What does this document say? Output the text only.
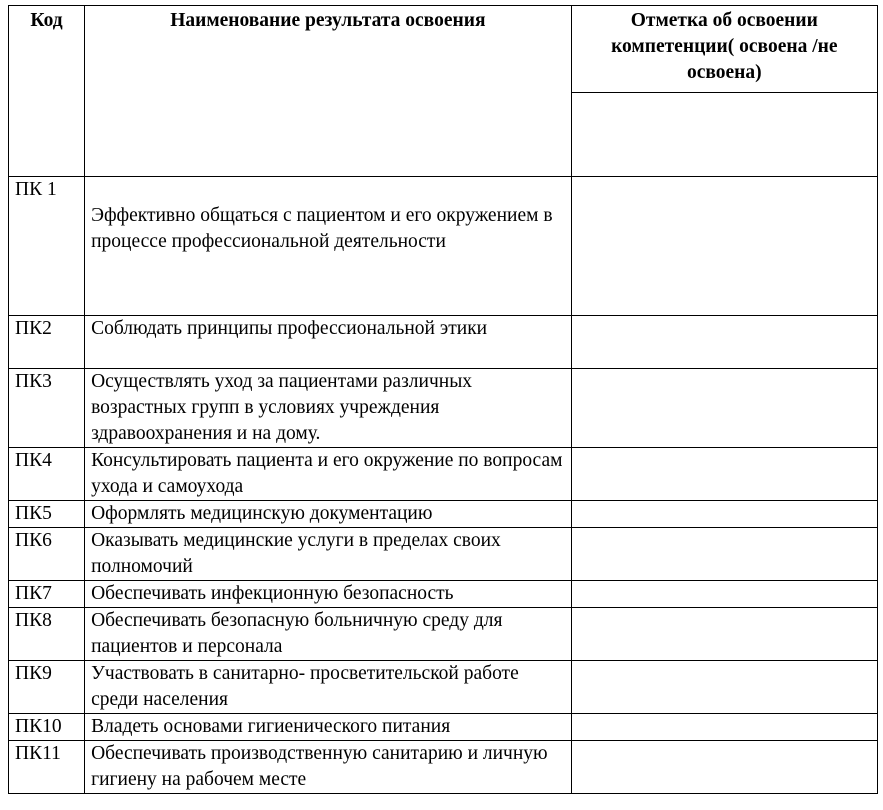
Код	Наименование результата освоения	Отметка об освоении компетенции( освоена /не освоена)

ПК 1	Эффективно общаться с пациентом и его окружением в процессе профессиональной деятельности	
ПК2	Соблюдать принципы профессиональной этики	
ПК3	Осуществлять уход за пациентами различных возрастных групп в условиях учреждения здравоохранения и на дому.	
ПК4	Консультировать пациента и его окружение по вопросам ухода и самоухода	
ПК5	Оформлять медицинскую документацию	
ПК6	Оказывать медицинские услуги в пределах своих полномочий	
ПК7	Обеспечивать инфекционную безопасность	
ПК8	Обеспечивать безопасную больничную среду для пациентов и персонала	
ПК9	Участвовать в санитарно- просветительской работе среди населения	
ПК10	Владеть основами гигиенического питания	
ПК11	Обеспечивать производственную санитарию и личную гигиену на рабочем месте	
